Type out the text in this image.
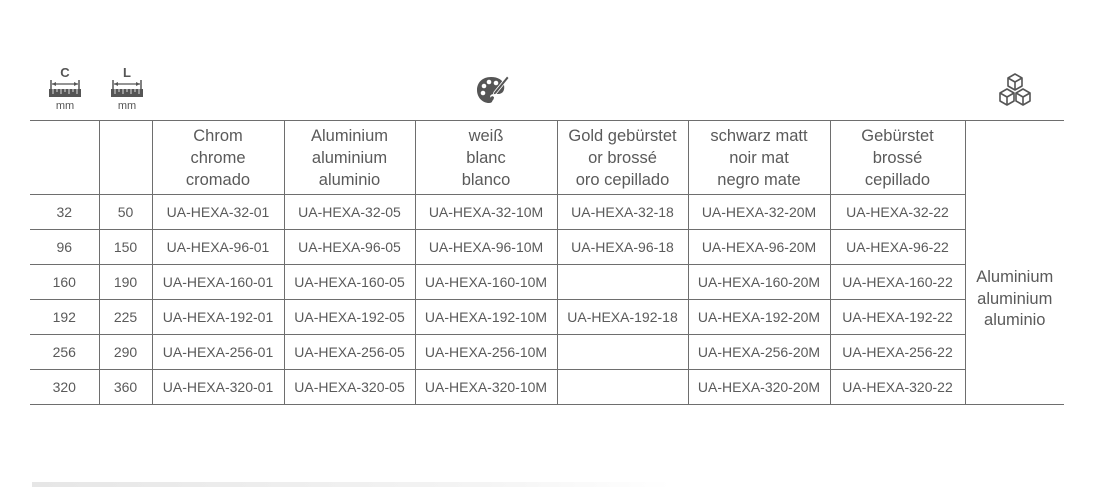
C
mm
L
mm

		Chrom
chrome
cromado	Aluminium
aluminium
aluminio	weiß
blanc
blanco	Gold gebürstet
or brossé
oro cepillado	schwarz matt
noir mat
negro mate	Gebürstet
brossé
cepillado	

32	50	UA-HEXA-32-01	UA-HEXA-32-05	UA-HEXA-32-10M	UA-HEXA-32-18	UA-HEXA-32-20M	UA-HEXA-32-22	Aluminium
aluminium
aluminio

96	150	UA-HEXA-96-01	UA-HEXA-96-05	UA-HEXA-96-10M	UA-HEXA-96-18	UA-HEXA-96-20M	UA-HEXA-96-22	
160	190	UA-HEXA-160-01	UA-HEXA-160-05	UA-HEXA-160-10M		UA-HEXA-160-20M	UA-HEXA-160-22	
192	225	UA-HEXA-192-01	UA-HEXA-192-05	UA-HEXA-192-10M	UA-HEXA-192-18	UA-HEXA-192-20M	UA-HEXA-192-22	
256	290	UA-HEXA-256-01	UA-HEXA-256-05	UA-HEXA-256-10M		UA-HEXA-256-20M	UA-HEXA-256-22	
320	360	UA-HEXA-320-01	UA-HEXA-320-05	UA-HEXA-320-10M		UA-HEXA-320-20M	UA-HEXA-320-22	
